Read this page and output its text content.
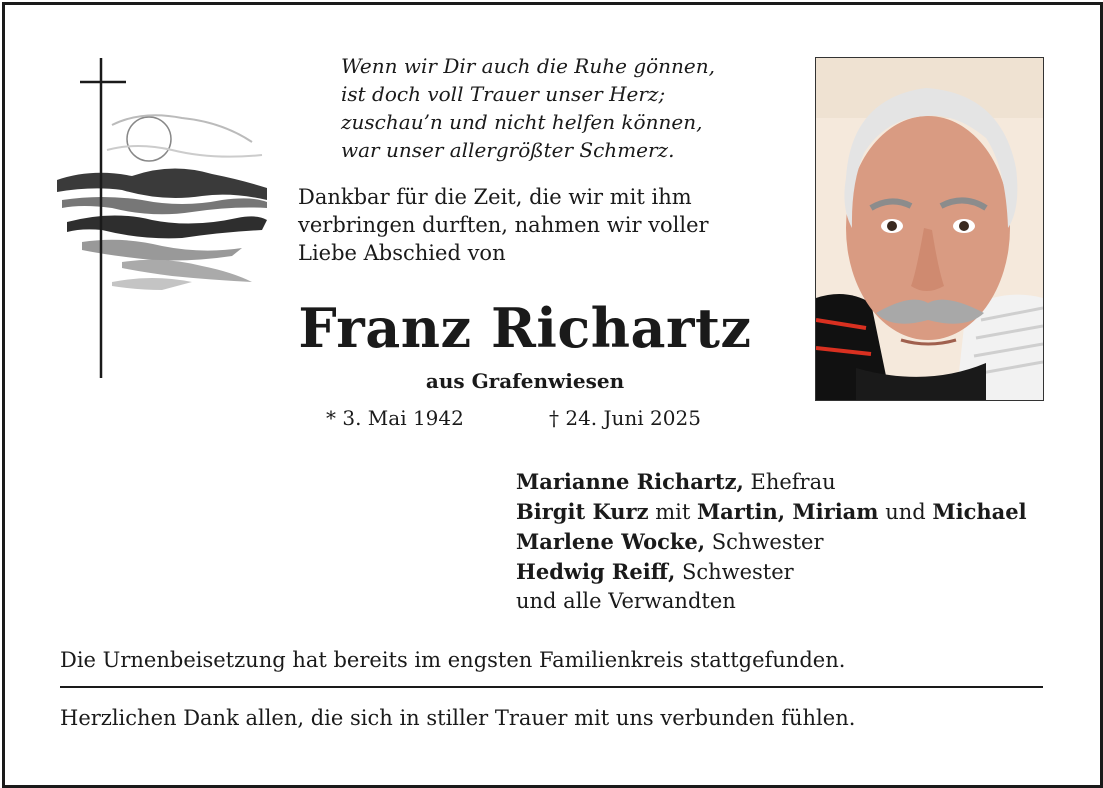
Wenn wir Dir auch die Ruhe gönnen,
ist doch voll Trauer unser Herz;
zuschau’n und nicht helfen können,
war unser allergrößter Schmerz.
Dankbar für die Zeit, die wir mit ihm
verbringen durften, nahmen wir voller
Liebe Abschied von
Franz Richartz
aus Grafenwiesen
* 3. Mai 1942	† 24. Juni 2025
Marianne Richartz, Ehefrau
Birgit Kurz mit Martin, Miriam und Michael
Marlene Wocke, Schwester
Hedwig Reiff, Schwester
und alle Verwandten
Die Urnenbeisetzung hat bereits im engsten Familienkreis stattgefunden.
Herzlichen Dank allen, die sich in stiller Trauer mit uns verbunden fühlen.
